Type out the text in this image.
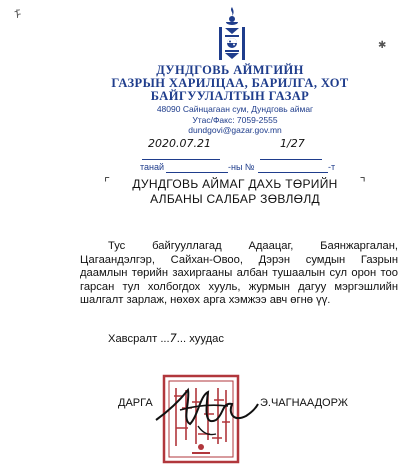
ᠮ
✱
ДУНДГОВЬ АЙМГИЙН
ГАЗРЫН ХАРИЛЦАА, БАРИЛГА, ХОТ
БАЙГУУЛАЛТЫН ГАЗАР
48090 Сайнцагаан сум, Дундговь аймаг
Утас/Факс: 7059-2555
dundgovi@gazar.gov.mn
2020.07.21	1/27
танай	-ны №	-т
⌜	⌝
ДУНДГОВЬ АЙМАГ ДАХЬ ТӨРИЙН
АЛБАНЫ САЛБАР ЗӨВЛӨЛД

Тус байгууллагад Адаацаг, Баянжаргалан, Цагаандэлгэр, Сайхан-Овоо, Дэрэн сумдын Газрын даамлын төрийн захиргааны албан тушаалын сул орон тоо гарсан тул холбогдох хууль, журмын дагуу мэргэшлийн шалгалт зарлаж, нөхөх арга хэмжээ авч өгнө үү.

Хавсралт ...7... хуудас
ДАРГА	Э.ЧАГНААДОРЖ
